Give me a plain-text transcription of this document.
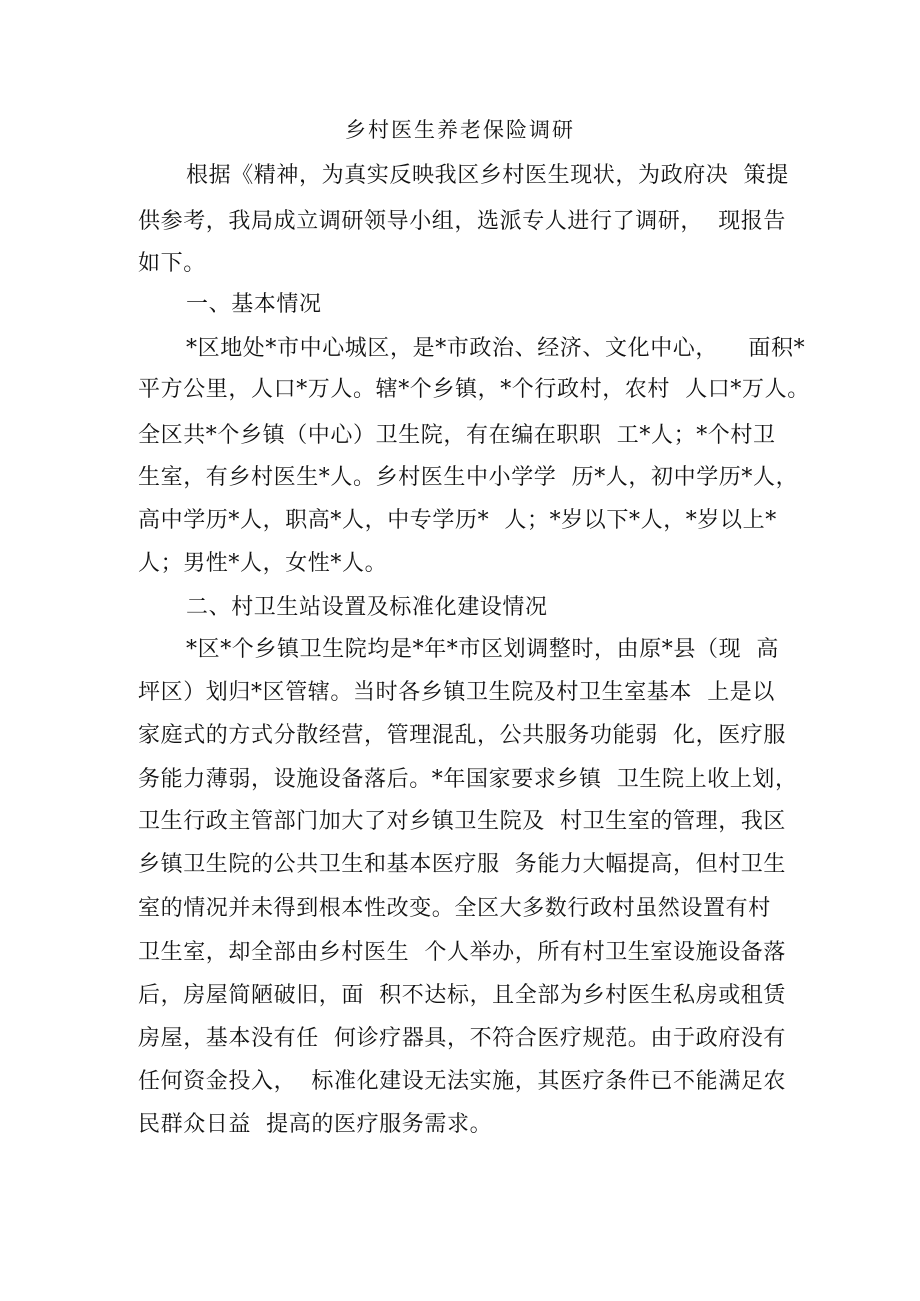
乡村医生养老保险调研
根据《精神，为真实反映我区乡村医生现状，为政府决  策提
供参考，我局成立调研领导小组，选派专人进行了调研，  现报告
如下。
一、基本情况
*区地处*市中心城区，是*市政治、经济、文化中心，    面积*
平方公里，人口*万人。辖*个乡镇，*个行政村，农村  人口*万人。
全区共*个乡镇（中心）卫生院，有在编在职职  工*人；*个村卫
生室，有乡村医生*人。乡村医生中小学学  历*人，初中学历*人，
高中学历*人，职高*人，中专学历*  人；*岁以下*人，*岁以上*
人；男性*人，女性*人。
二、村卫生站设置及标准化建设情况
*区*个乡镇卫生院均是*年*市区划调整时，由原*县（现  高
坪区）划归*区管辖。当时各乡镇卫生院及村卫生室基本  上是以
家庭式的方式分散经营，管理混乱，公共服务功能弱  化，医疗服
务能力薄弱，设施设备落后。*年国家要求乡镇  卫生院上收上划，
卫生行政主管部门加大了对乡镇卫生院及  村卫生室的管理，我区
乡镇卫生院的公共卫生和基本医疗服  务能力大幅提高，但村卫生
室的情况并未得到根本性改变。全区大多数行政村虽然设置有村
卫生室，却全部由乡村医生  个人举办，所有村卫生室设施设备落
后，房屋简陋破旧，面  积不达标，且全部为乡村医生私房或租赁
房屋，基本没有任  何诊疗器具，不符合医疗规范。由于政府没有
任何资金投入，  标准化建设无法实施，其医疗条件已不能满足农
民群众日益  提高的医疗服务需求。
